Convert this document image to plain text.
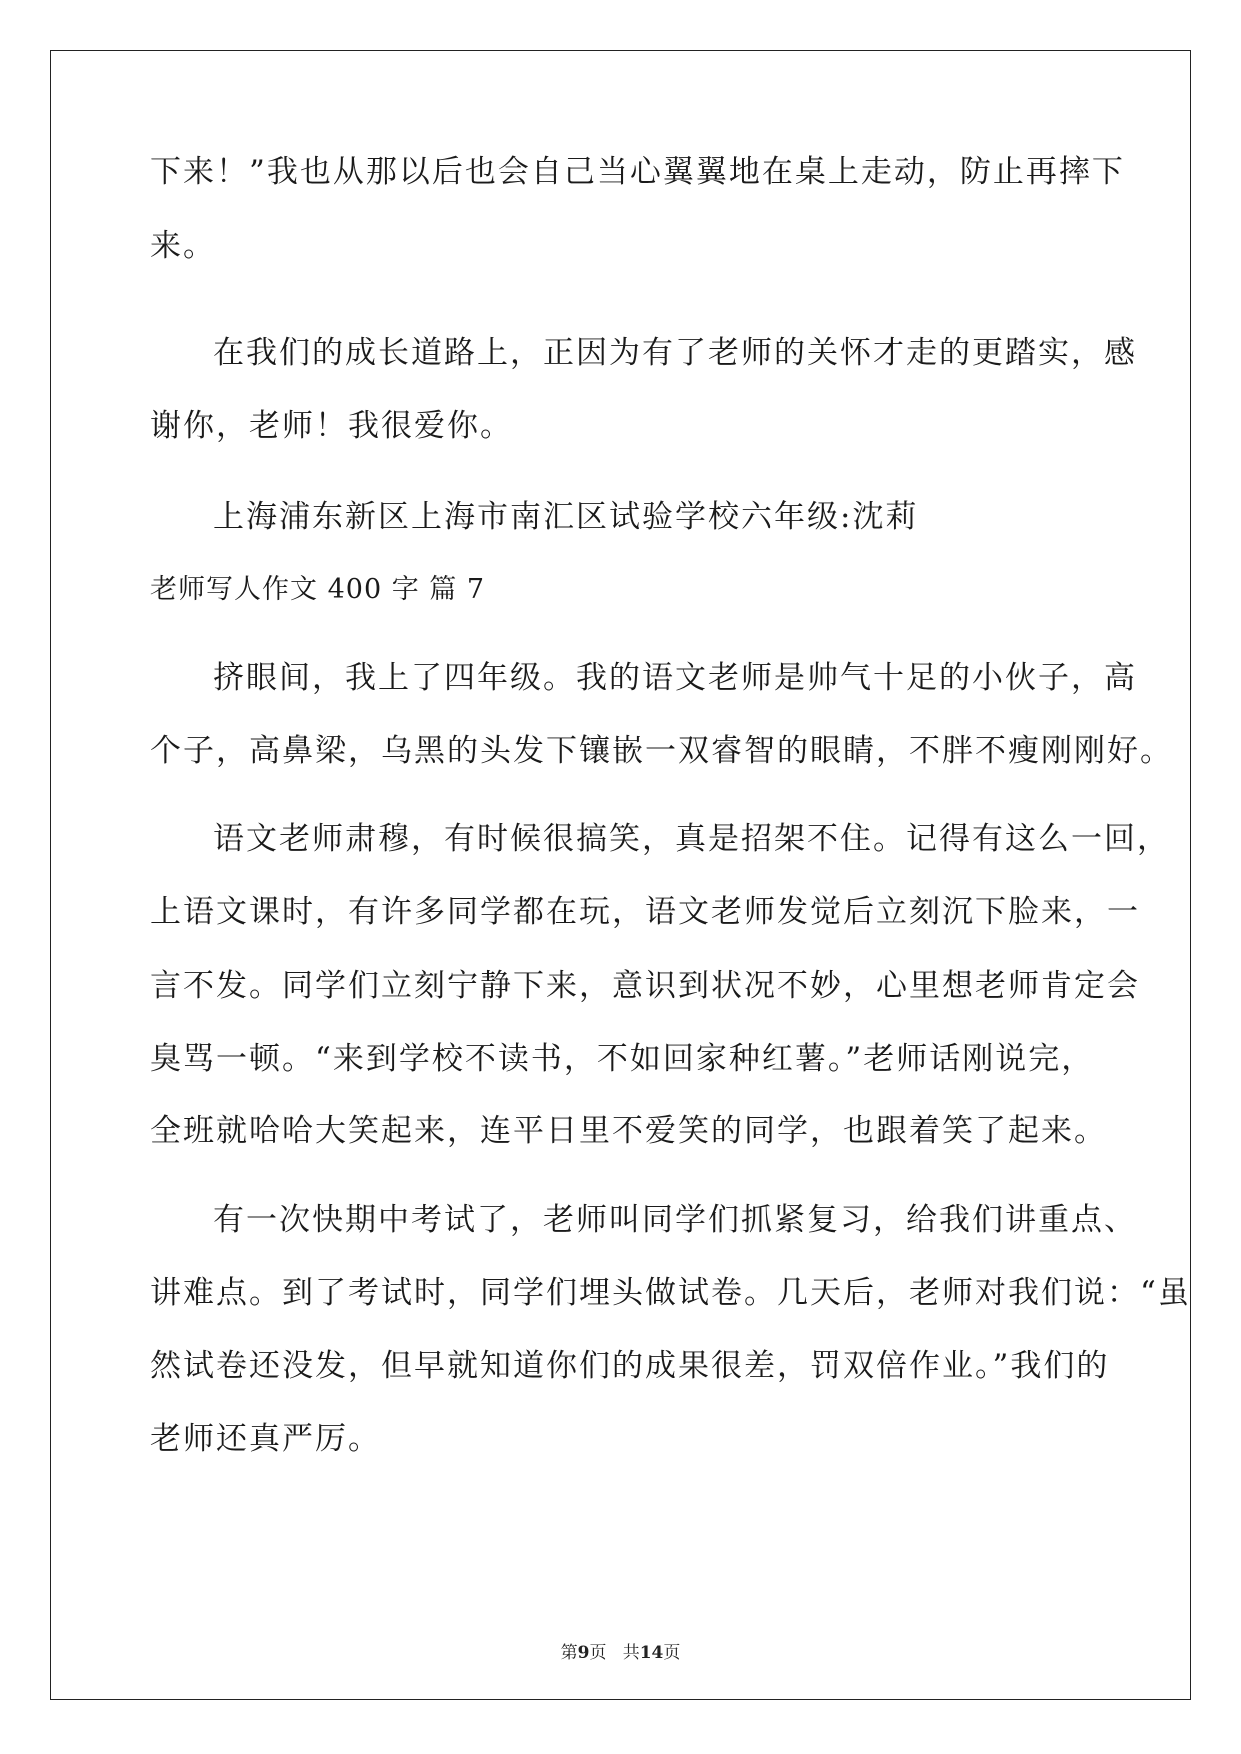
下来！”我也从那以后也会自己当心翼翼地在桌上走动，防止再摔下
来。
在我们的成长道路上，正因为有了老师的关怀才走的更踏实，感
谢你，老师！我很爱你。
上海浦东新区上海市南汇区试验学校六年级:沈莉
老师写人作文 400 字 篇 7
挤眼间，我上了四年级。我的语文老师是帅气十足的小伙子，高
个子，高鼻梁，乌黑的头发下镶嵌一双睿智的眼睛，不胖不瘦刚刚好。
语文老师肃穆，有时候很搞笑，真是招架不住。记得有这么一回，
上语文课时，有许多同学都在玩，语文老师发觉后立刻沉下脸来，一
言不发。同学们立刻宁静下来，意识到状况不妙，心里想老师肯定会
臭骂一顿。“来到学校不读书，不如回家种红薯。”老师话刚说完，
全班就哈哈大笑起来，连平日里不爱笑的同学，也跟着笑了起来。
有一次快期中考试了，老师叫同学们抓紧复习，给我们讲重点、
讲难点。到了考试时，同学们埋头做试卷。几天后，老师对我们说：“虽
然试卷还没发，但早就知道你们的成果很差，罚双倍作业。”我们的
老师还真严厉。
第9页 共14页
